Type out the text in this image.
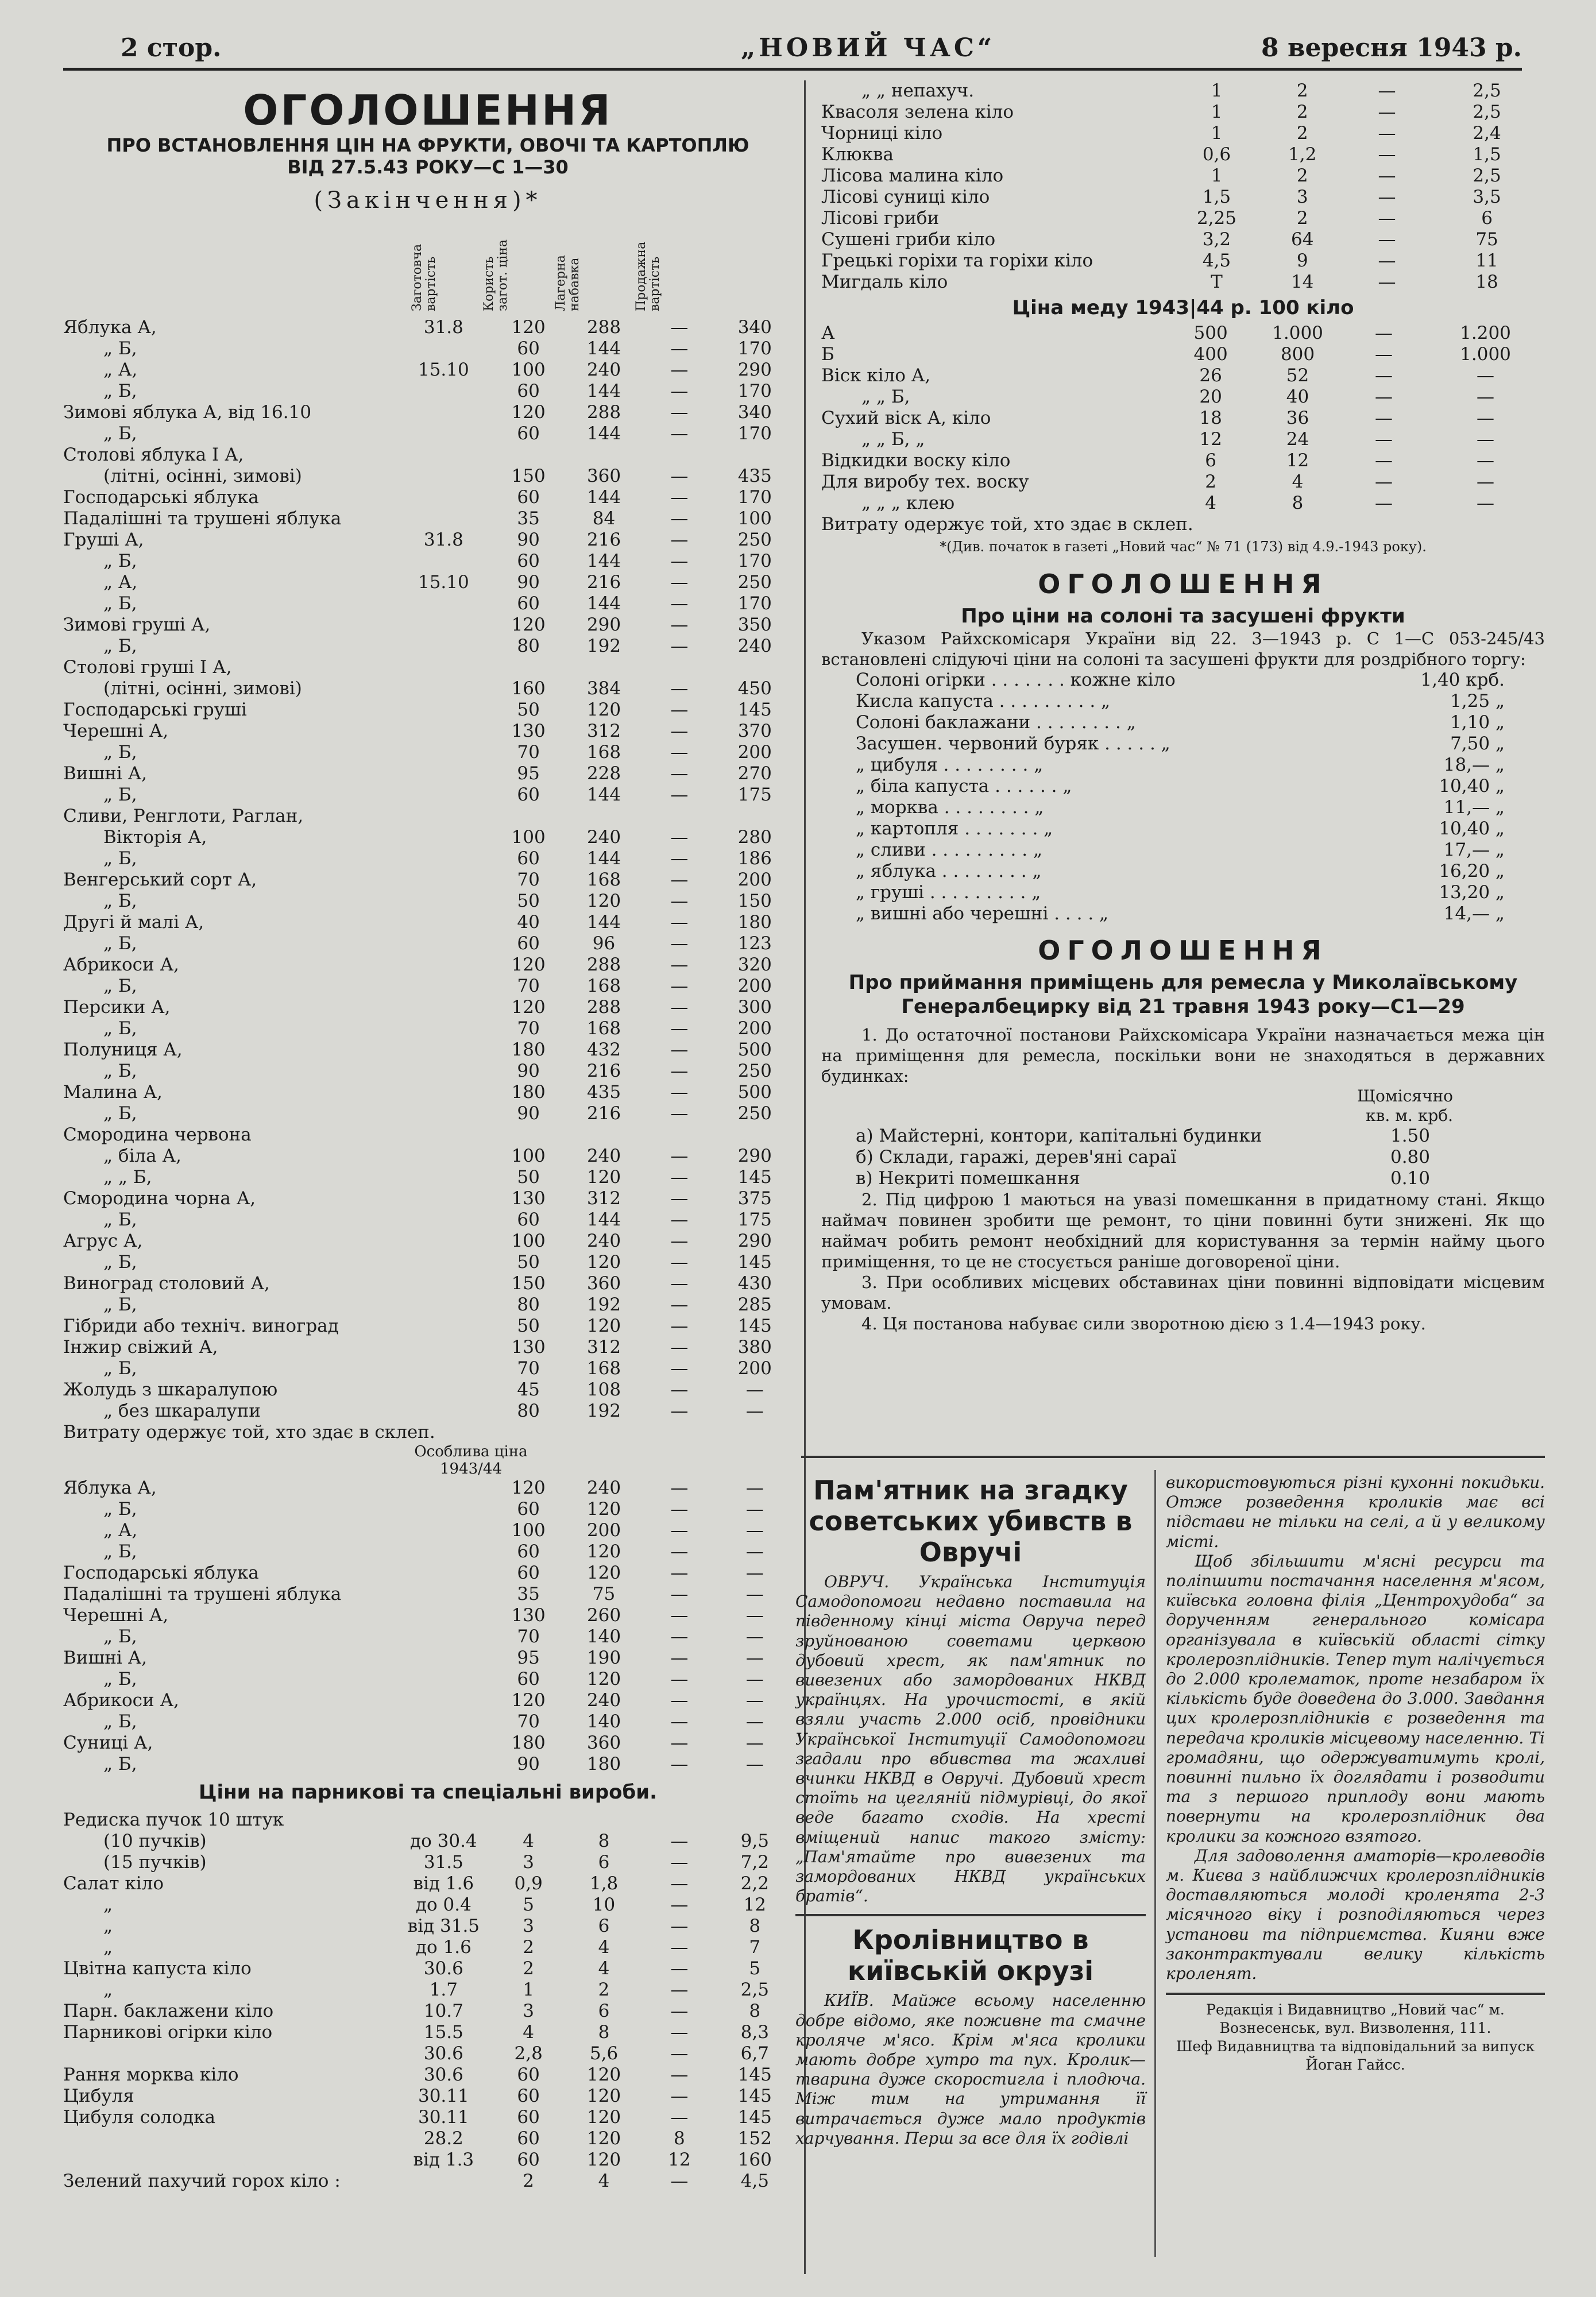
2 стор.	„НОВИЙ ЧАС“	8 вересня 1943 р.
ОГОЛОШЕННЯ
ПРО ВСТАНОВЛЕННЯ ЦІН НА ФРУКТИ, ОВОЧІ ТА КАРТОПЛЮ
ВІД 27.5.43 РОКУ—С 1—30
(Закінчення)*
Заготовча вартість	Користь загот. ціна	Лагерна набавка	Продажна вартість
Яблука А,	31.8	120	288	—	340
„ Б,		60	144	—	170
„ А,	15.10	100	240	—	290
„ Б,		60	144	—	170
Зимові яблука А, від 16.10		120	288	—	340
„ Б,		60	144	—	170
Столові яблука І А,					
(літні, осінні, зимові)		150	360	—	435
Господарські яблука		60	144	—	170
Падалішні та трушені яблука		35	84	—	100
Груші А,	31.8	90	216	—	250
„ Б,		60	144	—	170
„ А,	15.10	90	216	—	250
„ Б,		60	144	—	170
Зимові груші А,		120	290	—	350
„ Б,		80	192	—	240
Столові груші І А,					
(літні, осінні, зимові)		160	384	—	450
Господарські груші		50	120	—	145
Черешні А,		130	312	—	370
„ Б,		70	168	—	200
Вишні А,		95	228	—	270
„ Б,		60	144	—	175
Сливи, Ренглоти, Раглан,					
Вікторія А,		100	240	—	280
„ Б,		60	144	—	186
Венгерський сорт А,		70	168	—	200
„ Б,		50	120	—	150
Другі й малі А,		40	144	—	180
„ Б,		60	96	—	123
Абрикоси А,		120	288	—	320
„ Б,		70	168	—	200
Персики А,		120	288	—	300
„ Б,		70	168	—	200
Полуниця А,		180	432	—	500
„ Б,		90	216	—	250
Малина А,		180	435	—	500
„ Б,		90	216	—	250
Смородина червона					
„ біла А,		100	240	—	290
„ „ Б,		50	120	—	145
Смородина чорна А,		130	312	—	375
„ Б,		60	144	—	175
Агрус А,		100	240	—	290
„ Б,		50	120	—	145
Виноград столовий А,		150	360	—	430
„ Б,		80	192	—	285
Гібриди або техніч. виноград		50	120	—	145
Інжир свіжий А,		130	312	—	380
„ Б,		70	168	—	200
Жолудь з шкаралупою		45	108	—	—
„ без шкаралупи		80	192	—	—
Витрату одержує той, хто здає в склеп.
Особлива ціна 1943/44
Яблука А,	120	240	—	—
„ Б,	60	120	—	—
„ А,	100	200	—	—
„ Б,	60	120	—	—
Господарські яблука	60	120	—	—
Падалішні та трушені яблука	35	75	—	—
Черешні А,	130	260	—	—
„ Б,	70	140	—	—
Вишні А,	95	190	—	—
„ Б,	60	120	—	—
Абрикоси А,	120	240	—	—
„ Б,	70	140	—	—
Суниці А,	180	360	—	—
„ Б,	90	180	—	—
Ціни на парникові та спеціальні вироби.
Редиска пучок 10 штук					
(10 пучків)	до 30.4	4	8	—	9,5
(15 пучків)	31.5	3	6	—	7,2
Салат кіло	від 1.6	0,9	1,8	—	2,2
„	до 0.4	5	10	—	12
„	від 31.5	3	6	—	8
„	до 1.6	2	4	—	7
Цвітна капуста кіло	30.6	2	4	—	5
„	1.7	1	2	—	2,5
Парн. баклажени кіло	10.7	3	6	—	8
Парникові огірки кіло	15.5	4	8	—	8,3
	30.6	2,8	5,6	—	6,7
Рання морква кіло	30.6	60	120	—	145
Цибуля	30.11	60	120	—	145
Цибуля солодка	30.11	60	120	—	145
	28.2	60	120	8	152
	від 1.3	60	120	12	160
Зелений пахучий горох кіло :		2	4	—	4,5
„ „ непахуч.	1	2	—	2,5
Квасоля зелена кіло	1	2	—	2,5
Чорниці кіло	1	2	—	2,4
Клюква	0,6	1,2	—	1,5
Лісова малина кіло	1	2	—	2,5
Лісові суниці кіло	1,5	3	—	3,5
Лісові гриби	2,25	2	—	6
Сушені гриби кіло	3,2	64	—	75
Грецькі горіхи та горіхи кіло	4,5	9	—	11
Мигдаль кіло	T	14	—	18
Ціна меду 1943|44 р. 100 кіло
А	500	1.000	—	1.200
Б	400	800	—	1.000
Віск кіло А,	26	52	—	—
„ „ Б,	20	40	—	—
Сухий віск А, кіло	18	36	—	—
„ „ Б, „	12	24	—	—
Відкидки воску кіло	6	12	—	—
Для виробу тех. воску	2	4	—	—
„ „ „ клею	4	8	—	—
Витрату одержує той, хто здає в склеп.
*(Див. початок в газеті „Новий час“ № 71 (173) від 4.9.-1943 року).
ОГОЛОШЕННЯ
Про ціни на солоні та засушені фрукти

Указом Райхскомісаря України від 22. 3—1943 р. С 1—С 053-245/43 встановлені слідуючі ціни на солоні та засушені фрукти для роздрібного торгу:

Солоні огірки . . . . . . . кожне кіло	1,40 крб.
Кисла капуста . . . . . . . . . „	1,25 „
Солоні баклажани . . . . . . . . „	1,10 „
Засушен. червоний буряк . . . . . „	7,50 „
„ цибуля . . . . . . . . „	18,— „
„ біла капуста . . . . . . „	10,40 „
„ морква . . . . . . . . „	11,— „
„ картопля . . . . . . . „	10,40 „
„ сливи . . . . . . . . . „	17,— „
„ яблука . . . . . . . . „	16,20 „
„ груші . . . . . . . . . „	13,20 „
„ вишні або черешні . . . . „	14,— „
ОГОЛОШЕННЯ
Про приймання приміщень для ремесла у Миколаївському Генералбецирку від 21 травня 1943 року—С1—29

1. До остаточної постанови Райхскомісара України назначається межа цін на приміщення для ремесла, поскільки вони не знаходяться в державних будинках:

Щомісячно кв. м. крб.
а) Майстерні, контори, капітальні будинки	1.50
б) Склади, гаражі, дерев'яні сараї	0.80
в) Некриті помешкання	0.10

2. Під цифрою 1 маються на увазі помешкання в придатному стані. Якщо наймач повинен зробити ще ремонт, то ціни повинні бути знижені. Як що наймач робить ремонт необхідний для користування за термін найму цього приміщення, то це не стосується раніше договореної ціни.

3. При особливих місцевих обставинах ціни повинні відповідати місцевим умовам.

4. Ця постанова набуває сили зворотною дією з 1.4—1943 року.

Пам'ятник на згадку советських убивств в Овручі

ОВРУЧ. Українська Інституція Самодопомоги недавно поставила на південному кінці міста Овруча перед зруйнованою советами церквою дубовий хрест, як пам'ятник по вивезених або замордованих НКВД українцях. На урочистості, в якій взяли участь 2.000 осіб, провідники Української Інституції Самодопомоги згадали про вбивства та жахливі вчинки НКВД в Овручі. Дубовий хрест стоїть на цегляній підмурівці, до якої веде багато сходів. На хресті вміщений напис такого змісту: „Пам'ятайте про вивезених та замордованих НКВД українських братів“.

Кролівництво в київській окрузі

КИЇВ. Майже всьому населенню добре відомо, яке поживне та смачне кроляче м'ясо. Крім м'яса кролики мають добре хутро та пух. Кролик—тварина дуже скоростигла і плодюча. Між тим на утримання її витрачається дуже мало продуктів харчування. Перш за все для їх годівлі

використовуються різні кухонні покидьки. Отже розведення кроликів має всі підстави не тільки на селі, а й у великому місті.

Щоб збільшити м'ясні ресурси та поліпшити постачання населення м'ясом, київська головна філія „Центрохудоба“ за дорученням генерального комісара організувала в київській області сітку кролерозплідників. Тепер тут налічується до 2.000 кролематок, проте незабаром їх кількість буде доведена до 3.000. Завдання цих кролерозплідників є розведення та передача кроликів місцевому населенню. Ті громадяни, що одержуватимуть кролі, повинні пильно їх доглядати і розводити та з першого приплоду вони мають повернути на кролерозплідник два кролики за кожного взятого.

Для задоволення аматорів—кролеводів м. Києва з найближчих кролерозплідників доставляються молоді кроленята 2-3 місячного віку і розподіляються через установи та підприємства. Кияни вже законтрактували велику кількість кроленят.

Редакція і Видавництво „Новий час“ м. Вознесенськ, вул. Визволення, 111.
Шеф Видавництва та відповідальний за випуск Йоган Гайсс.
